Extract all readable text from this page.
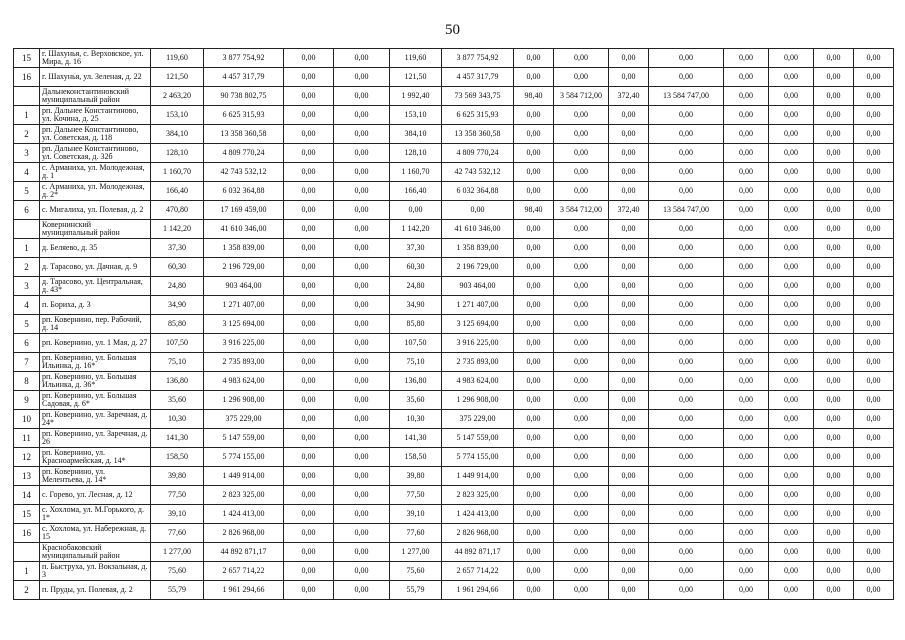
50
15	г. Шахунья, с. Верховское, ул. Мира, д. 16	119,60	3 877 754,92	0,00	0,00	119,60	3 877 754,92	0,00	0,00	0,00	0,00	0,00	0,00	0,00	0,00
16	г. Шахунья, ул. Зеленая, д. 22	121,50	4 457 317,79	0,00	0,00	121,50	4 457 317,79	0,00	0,00	0,00	0,00	0,00	0,00	0,00	0,00
	Дальнеконстантиновский муниципальный район	2 463,20	90 738 802,75	0,00	0,00	1 992,40	73 569 343,75	98,40	3 584 712,00	372,40	13 584 747,00	0,00	0,00	0,00	0,00
1	рп. Дальнее Константиново, ул. Кочина, д. 25	153,10	6 625 315,93	0,00	0,00	153,10	6 625 315,93	0,00	0,00	0,00	0,00	0,00	0,00	0,00	0,00
2	рп. Дальнее Константиново, ул. Советская, д. 118	384,10	13 358 360,58	0,00	0,00	384,10	13 358 360,58	0,00	0,00	0,00	0,00	0,00	0,00	0,00	0,00
3	рп. Дальнее Константиново, ул. Советская, д. 32б	128,10	4 809 770,24	0,00	0,00	128,10	4 809 770,24	0,00	0,00	0,00	0,00	0,00	0,00	0,00	0,00
4	с. Арманиха, ул. Молодежная, д. 1	1 160,70	42 743 532,12	0,00	0,00	1 160,70	42 743 532,12	0,00	0,00	0,00	0,00	0,00	0,00	0,00	0,00
5	с. Арманиха, ул. Молодежная, д. 2*	166,40	6 032 364,88	0,00	0,00	166,40	6 032 364,88	0,00	0,00	0,00	0,00	0,00	0,00	0,00	0,00
6	с. Мигалиха, ул. Полевая, д. 2	470,80	17 169 459,00	0,00	0,00	0,00	0,00	98,40	3 584 712,00	372,40	13 584 747,00	0,00	0,00	0,00	0,00
	Ковернинский муниципальный район	1 142,20	41 610 346,00	0,00	0,00	1 142,20	41 610 346,00	0,00	0,00	0,00	0,00	0,00	0,00	0,00	0,00
1	д. Беляево, д. 35	37,30	1 358 839,00	0,00	0,00	37,30	1 358 839,00	0,00	0,00	0,00	0,00	0,00	0,00	0,00	0,00
2	д. Тарасово, ул. Дачная, д. 9	60,30	2 196 729,00	0,00	0,00	60,30	2 196 729,00	0,00	0,00	0,00	0,00	0,00	0,00	0,00	0,00
3	д. Тарасово, ул. Центральная, д. 43*	24,80	903 464,00	0,00	0,00	24,80	903 464,00	0,00	0,00	0,00	0,00	0,00	0,00	0,00	0,00
4	п. Бориха, д. 3	34,90	1 271 407,00	0,00	0,00	34,90	1 271 407,00	0,00	0,00	0,00	0,00	0,00	0,00	0,00	0,00
5	рп. Ковернино, пер. Рабочий, д. 14	85,80	3 125 694,00	0,00	0,00	85,80	3 125 694,00	0,00	0,00	0,00	0,00	0,00	0,00	0,00	0,00
6	рп. Ковернино, ул. 1 Мая, д. 27	107,50	3 916 225,00	0,00	0,00	107,50	3 916 225,00	0,00	0,00	0,00	0,00	0,00	0,00	0,00	0,00
7	рп. Ковернино, ул. Большая Ильинка, д. 16*	75,10	2 735 893,00	0,00	0,00	75,10	2 735 893,00	0,00	0,00	0,00	0,00	0,00	0,00	0,00	0,00
8	рп. Ковернино, ул. Большая Ильинка, д. 36*	136,80	4 983 624,00	0,00	0,00	136,80	4 983 624,00	0,00	0,00	0,00	0,00	0,00	0,00	0,00	0,00
9	рп. Ковернино, ул. Большая Садовая, д. 6*	35,60	1 296 908,00	0,00	0,00	35,60	1 296 908,00	0,00	0,00	0,00	0,00	0,00	0,00	0,00	0,00
10	рп. Ковернино, ул. Заречная, д. 24*	10,30	375 229,00	0,00	0,00	10,30	375 229,00	0,00	0,00	0,00	0,00	0,00	0,00	0,00	0,00
11	рп. Ковернино, ул. Заречная, д. 26	141,30	5 147 559,00	0,00	0,00	141,30	5 147 559,00	0,00	0,00	0,00	0,00	0,00	0,00	0,00	0,00
12	рп. Ковернино, ул. Красноармейская, д. 14*	158,50	5 774 155,00	0,00	0,00	158,50	5 774 155,00	0,00	0,00	0,00	0,00	0,00	0,00	0,00	0,00
13	рп. Ковернино, ул. Мелентьева, д. 14*	39,80	1 449 914,00	0,00	0,00	39,80	1 449 914,00	0,00	0,00	0,00	0,00	0,00	0,00	0,00	0,00
14	с. Горево, ул. Лесная, д. 12	77,50	2 823 325,00	0,00	0,00	77,50	2 823 325,00	0,00	0,00	0,00	0,00	0,00	0,00	0,00	0,00
15	с. Хохлома, ул. М.Горького, д. 1*	39,10	1 424 413,00	0,00	0,00	39,10	1 424 413,00	0,00	0,00	0,00	0,00	0,00	0,00	0,00	0,00
16	с. Хохлома, ул. Набережная, д. 15	77,60	2 826 968,00	0,00	0,00	77,60	2 826 968,00	0,00	0,00	0,00	0,00	0,00	0,00	0,00	0,00
	Краснобаковский муниципальный район	1 277,00	44 892 871,17	0,00	0,00	1 277,00	44 892 871,17	0,00	0,00	0,00	0,00	0,00	0,00	0,00	0,00
1	п. Быструха, ул. Вокзальная, д. 3	75,60	2 657 714,22	0,00	0,00	75,60	2 657 714,22	0,00	0,00	0,00	0,00	0,00	0,00	0,00	0,00
2	п. Пруды, ул. Полевая, д. 2	55,79	1 961 294,66	0,00	0,00	55,79	1 961 294,66	0,00	0,00	0,00	0,00	0,00	0,00	0,00	0,00
